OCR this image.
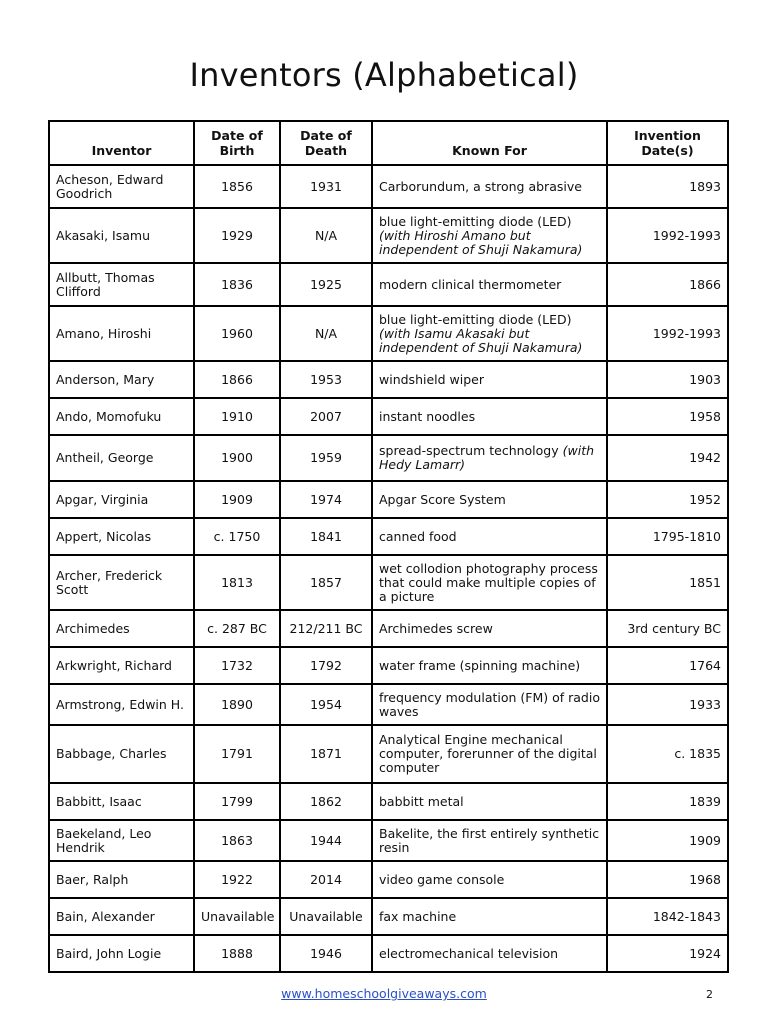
Inventors (Alphabetical)
Inventor	Date of Birth	Date of Death	Known For	Invention Date(s)
Acheson, Edward Goodrich	1856	1931	Carborundum, a strong abrasive	1893
Akasaki, Isamu	1929	N/A	blue light-emitting diode (LED) (with Hiroshi Amano but independent of Shuji Nakamura)	1992-1993
Allbutt, Thomas Clifford	1836	1925	modern clinical thermometer	1866
Amano, Hiroshi	1960	N/A	blue light-emitting diode (LED) (with Isamu Akasaki but independent of Shuji Nakamura)	1992-1993
Anderson, Mary	1866	1953	windshield wiper	1903
Ando, Momofuku	1910	2007	instant noodles	1958
Antheil, George	1900	1959	spread-spectrum technology (with Hedy Lamarr)	1942
Apgar, Virginia	1909	1974	Apgar Score System	1952
Appert, Nicolas	c. 1750	1841	canned food	1795-1810
Archer, Frederick Scott	1813	1857	wet collodion photography process that could make multiple copies of a picture	1851
Archimedes	c. 287 BC	212/211 BC	Archimedes screw	3rd century BC
Arkwright, Richard	1732	1792	water frame (spinning machine)	1764
Armstrong, Edwin H.	1890	1954	frequency modulation (FM) of radio waves	1933
Babbage, Charles	1791	1871	Analytical Engine mechanical computer, forerunner of the digital computer	c. 1835
Babbitt, Isaac	1799	1862	babbitt metal	1839
Baekeland, Leo Hendrik	1863	1944	Bakelite, the first entirely synthetic resin	1909
Baer, Ralph	1922	2014	video game console	1968
Bain, Alexander	Unavailable	Unavailable	fax machine	1842-1843
Baird, John Logie	1888	1946	electromechanical television	1924
www.homeschoolgiveaways.com	2
